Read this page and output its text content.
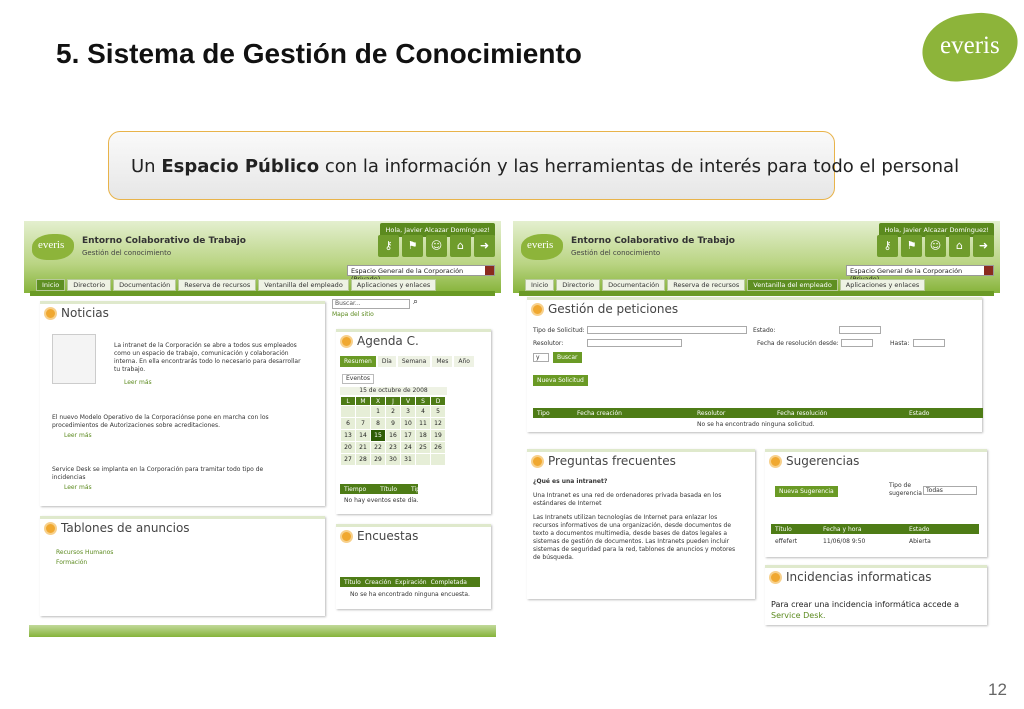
5. Sistema de Gestión de Conocimiento	everis
Un Espacio Público con la información y las herramientas de interés para todo el personal
everis	Entorno Colaborativo de Trabajo
Gestión del conocimiento
Hola, Javier Alcazar Domínguez!
⚷	⚑	☺	⌂	➜
Espacio General de la Corporación
Inicio	Directorio	Documentación	Reserva de recursos	Ventanilla del empleado	Aplicaciones y enlaces
Buscar...	⌕
Mapa del sitio
Noticias
La intranet de la Corporación se abre a todos sus empleados como un espacio de trabajo, comunicación y colaboración interna. En ella encontrarás todo lo necesario para desarrollar tu trabajo.
Leer más
El nuevo Modelo Operativo de la Corporaciónse pone en marcha con los procedimientos de Autorizaciones sobre acreditaciones.
Leer más
Service Desk se implanta en la Corporación para tramitar todo tipo de incidencias
Leer más
Agenda C.
Resumen	Día	Semana	Mes	Año
Eventos
15 de octubre de 2008
L	M	X	J	V	S	D
		1	2	3	4	5
6	7	8	9	10	11	12
13	14	15	16	17	18	19
20	21	22	23	24	25	26
27	28	29	30	31		
Tiempo Título Tipo
No hay eventos este día.
Tablones de anuncios
Recursos Humanos
Formación
Encuestas
Título Creación Expiración Completada
No se ha encontrado ninguna encuesta.
everis	Entorno Colaborativo de Trabajo
Gestión del conocimiento
Hola, Javier Alcazar Domínguez!
⚷	⚑	☺	⌂	➜
Espacio General de la Corporación
Inicio	Directorio	Documentación	Reserva de recursos	Ventanilla del empleado	Aplicaciones y enlaces
Gestión de peticiones
Tipo de Solicitud:	Estado:
Resolutor:	Fecha de resolución desde:	Hasta:
y	Buscar
Nueva Solicitud
Tipo	Fecha creación	Resolutor	Fecha resolución	Estado
No se ha encontrado ninguna solicitud.
Preguntas frecuentes
¿Qué es una intranet?
Una Intranet es una red de ordenadores privada basada en los estándares de Internet
Las Intranets utilizan tecnologías de Internet para enlazar los recursos informativos de una organización, desde documentos de texto a documentos multimedia, desde bases de datos legales a sistemas de gestión de documentos. Las Intranets pueden incluir sistemas de seguridad para la red, tablones de anuncios y motores de búsqueda.
Sugerencias
Nueva Sugerencia
Tipo de sugerencia Todas
Título	Fecha y hora	Estado
effefert	11/06/08 9:50	Abierta
Incidencias informaticas
Para crear una incidencia informática accede a
Service Desk.
12
